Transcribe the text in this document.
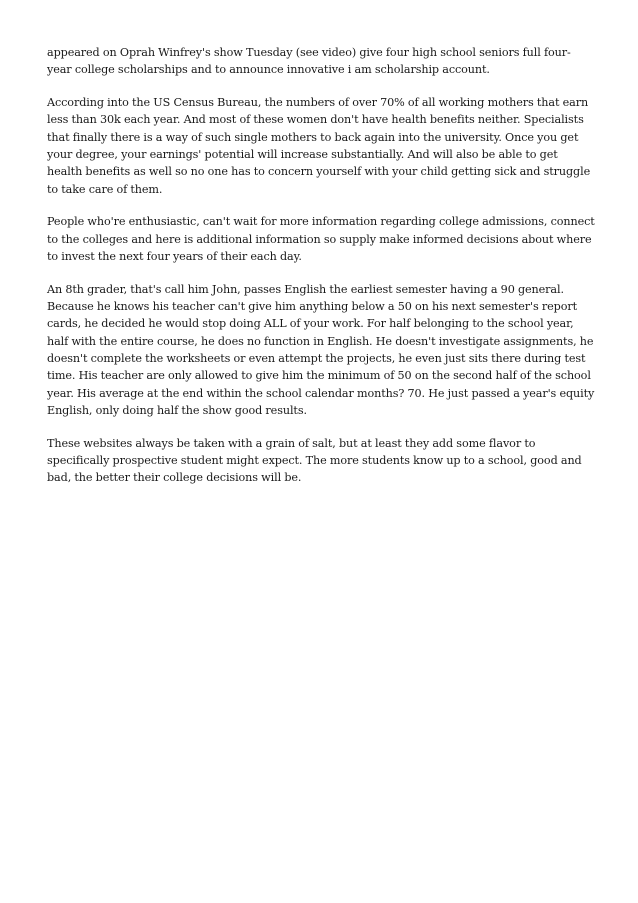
appeared on Oprah Winfrey's show Tuesday (see video) give four high school seniors full four-year college scholarships and to announce innovative i am scholarship account.

According into the US Census Bureau, the numbers of over 70% of all working mothers that earn less than 30k each year. And most of these women don't have health benefits neither. Specialists that finally there is a way of such single mothers to back again into the university. Once you get your degree, your earnings' potential will increase substantially. And will also be able to get health benefits as well so no one has to concern yourself with your child getting sick and struggle to take care of them.

People who're enthusiastic, can't wait for more information regarding college admissions, connect to the colleges and here is additional information so supply make informed decisions about where to invest the next four years of their each day.

An 8th grader, that's call him John, passes English the earliest semester having a 90 general. Because he knows his teacher can't give him anything below a 50 on his next semester's report cards, he decided he would stop doing ALL of your work. For half belonging to the school year, half with the entire course, he does no function in English. He doesn't investigate assignments, he doesn't complete the worksheets or even attempt the projects, he even just sits there during test time. His teacher are only allowed to give him the minimum of 50 on the second half of the school year. His average at the end within the school calendar months? 70. He just passed a year's equity English, only doing half the show good results.

These websites always be taken with a grain of salt, but at least they add some flavor to specifically prospective student might expect. The more students know up to a school, good and bad, the better their college decisions will be.
